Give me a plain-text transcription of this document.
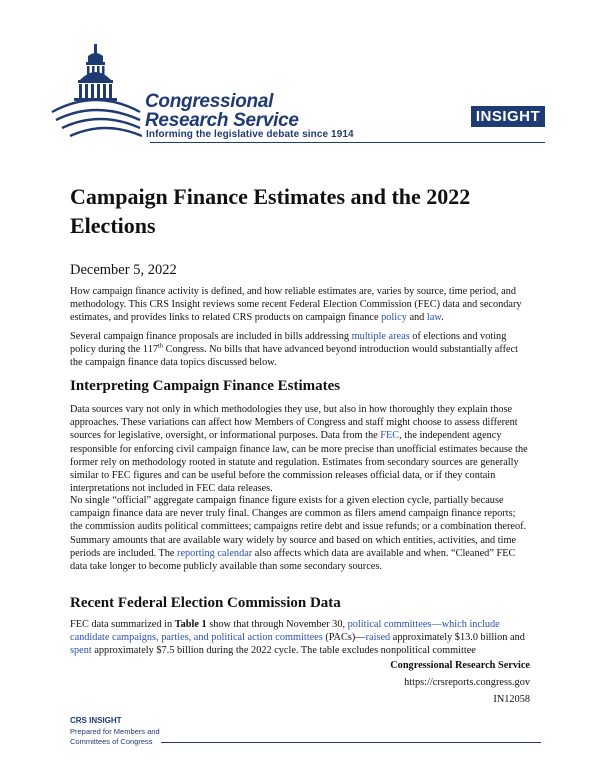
Congressional
Research Service
Informing the legislative debate since 1914
INSIGHT
Campaign Finance Estimates and the 2022 Elections
December 5, 2022

How campaign finance activity is defined, and how reliable estimates are, varies by source, time period, and methodology. This CRS Insight reviews some recent Federal Election Commission (FEC) data and secondary estimates, and provides links to related CRS products on campaign finance policy and law.

Several campaign finance proposals are included in bills addressing multiple areas of elections and voting policy during the 117th Congress. No bills that have advanced beyond introduction would substantially affect the campaign finance data topics discussed below.

Interpreting Campaign Finance Estimates

Data sources vary not only in which methodologies they use, but also in how thoroughly they explain those approaches. These variations can affect how Members of Congress and staff might choose to assess different sources for legislative, oversight, or informational purposes. Data from the FEC, the independent agency responsible for enforcing civil campaign finance law, can be more precise than unofficial estimates because the former rely on methodology rooted in statute and regulation. Estimates from secondary sources are generally similar to FEC figures and can be useful before the commission releases official data, or if they contain interpretations not included in FEC data releases.

No single “official” aggregate campaign finance figure exists for a given election cycle, partially because campaign finance data are never truly final. Changes are common as filers amend campaign finance reports; the commission audits political committees; campaigns retire debt and issue refunds; or a combination thereof. Summary amounts that are available wary widely by source and based on which entities, activities, and time periods are included. The reporting calendar also affects which data are available and when. “Cleaned” FEC data take longer to become publicly available than some secondary sources.

Recent Federal Election Commission Data

FEC data summarized in Table 1 show that through November 30, political committees—which include candidate campaigns, parties, and political action committees (PACs)—raised approximately $13.0 billion and spent approximately $7.5 billion during the 2022 cycle. The table excludes nonpolitical committee

Congressional Research Service
https://crsreports.congress.gov
IN12058
CRS INSIGHT
Prepared for Members and
Committees of Congress
